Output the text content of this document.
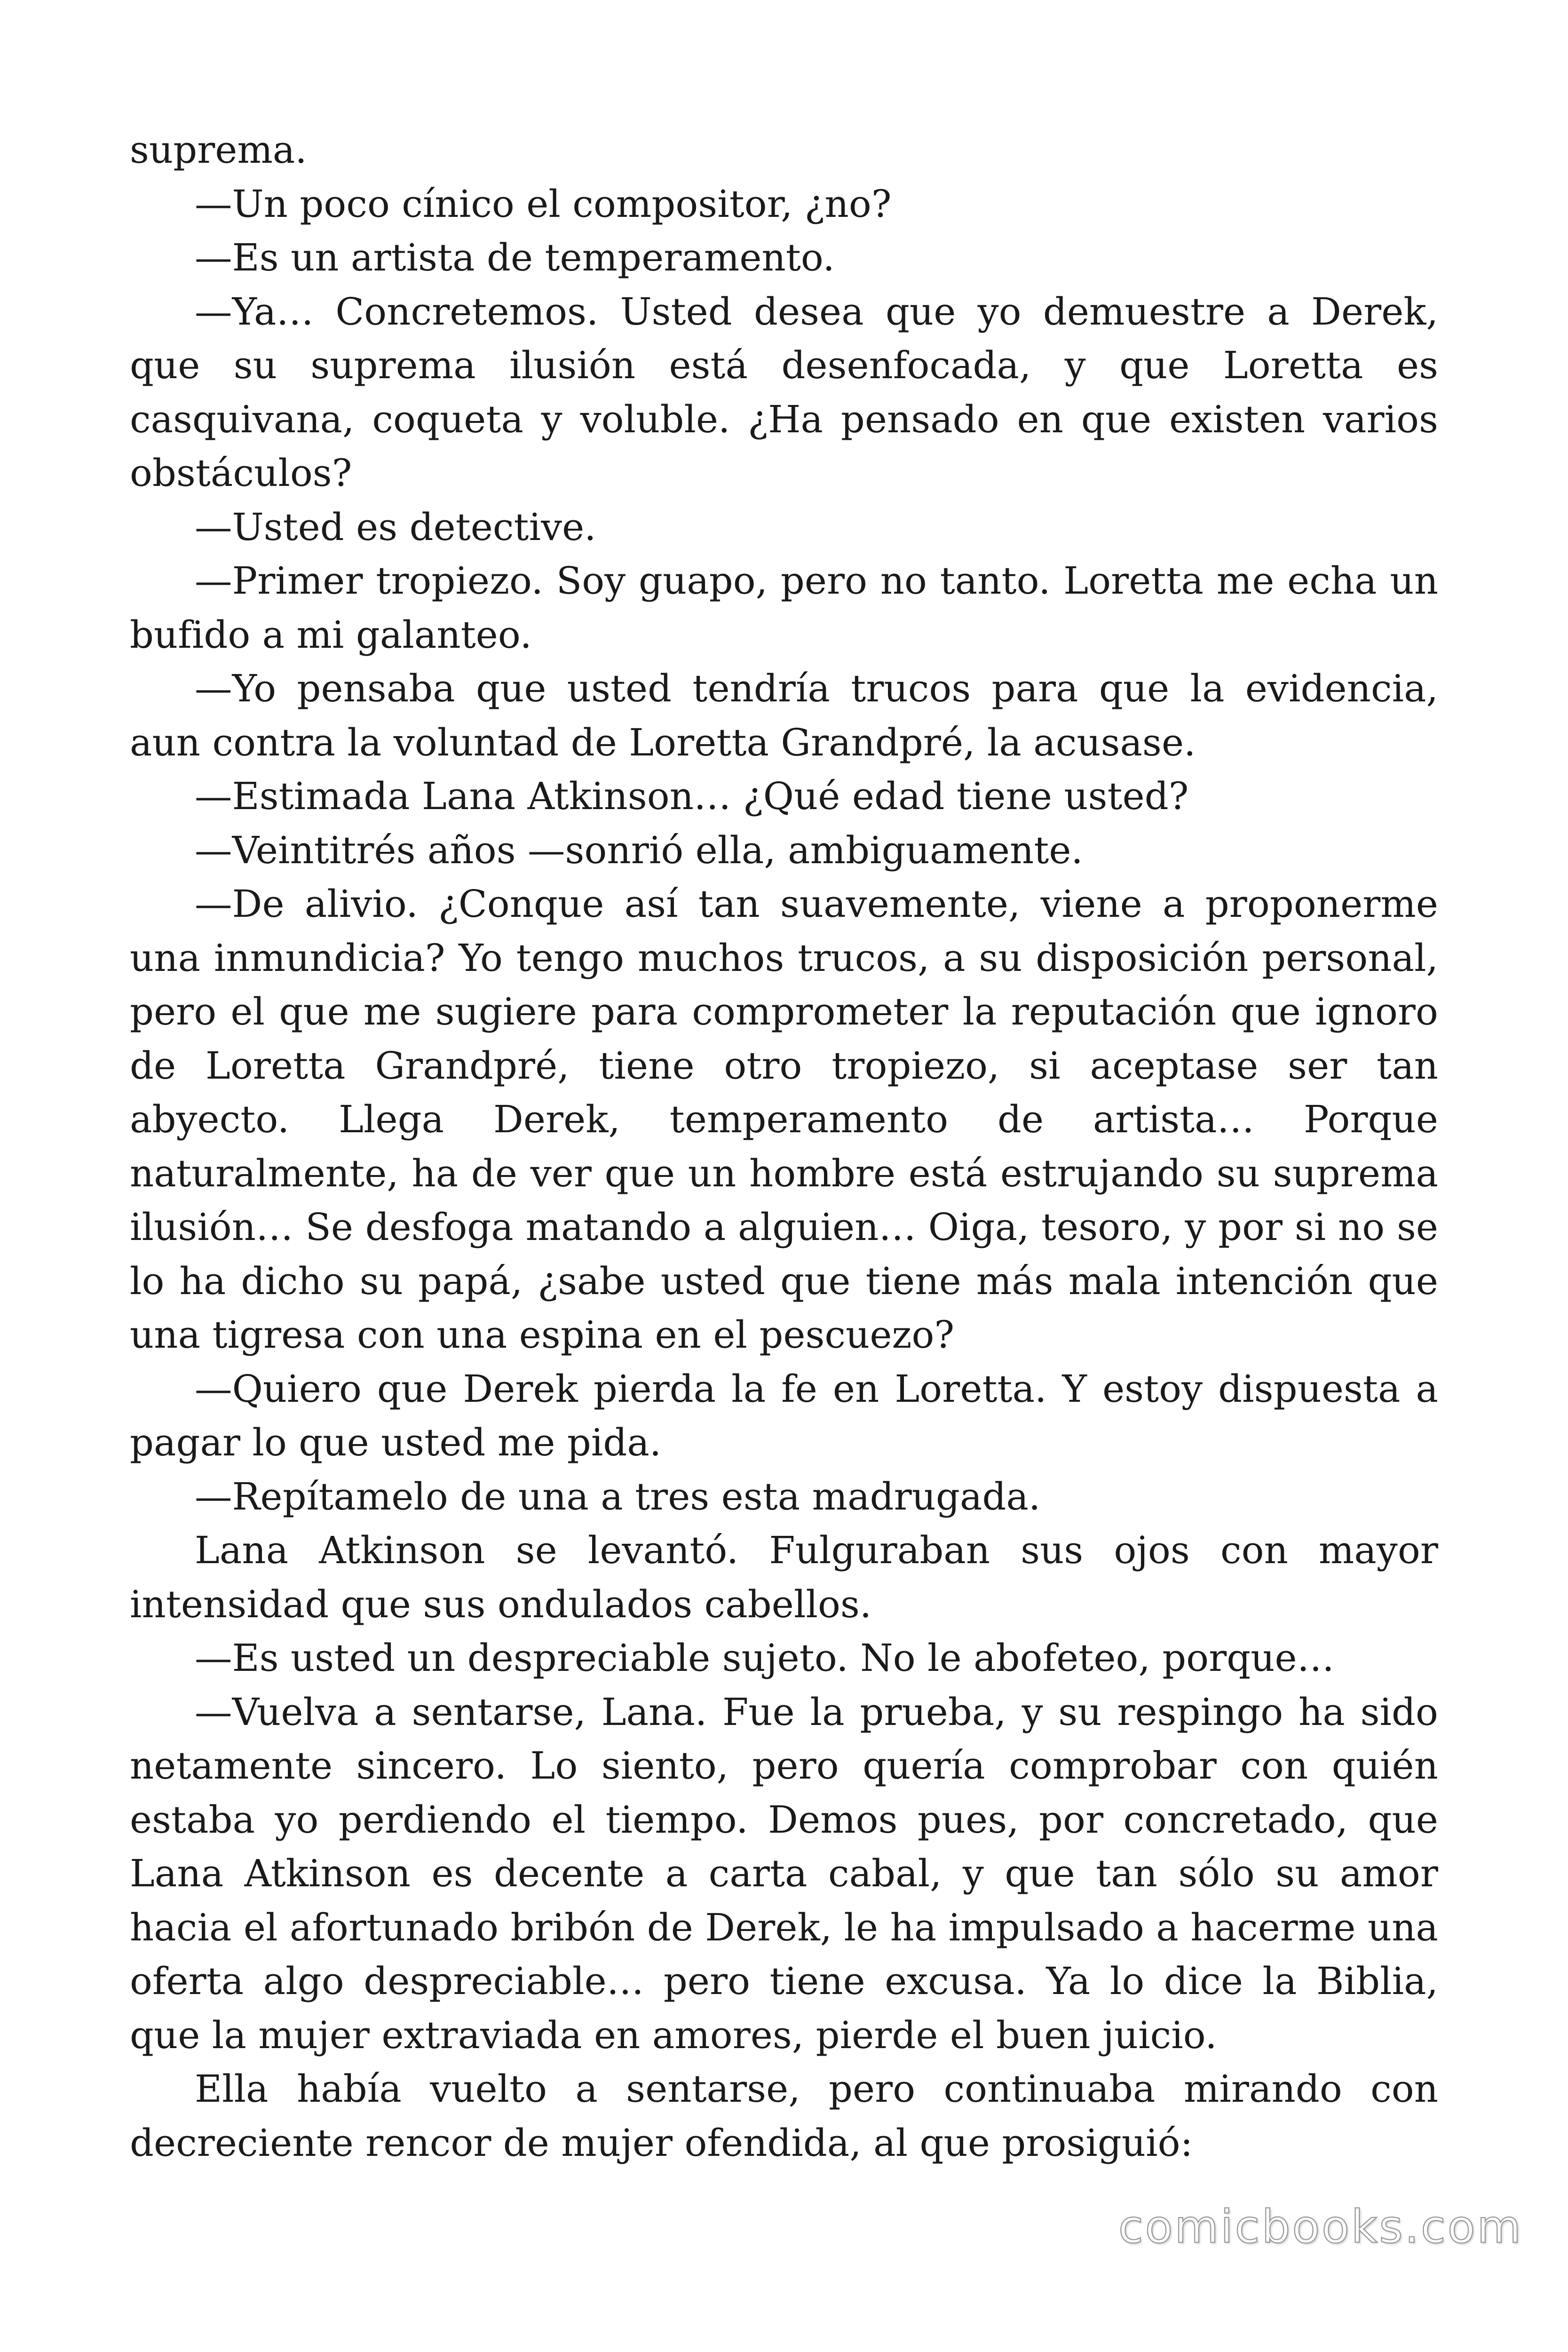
suprema.

—Un poco cínico el compositor, ¿no?

—Es un artista de temperamento.

—Ya… Concretemos. Usted desea que yo demuestre a Derek, que su suprema ilusión está desenfocada, y que Loretta es casquivana, coqueta y voluble. ¿Ha pensado en que existen varios obstáculos?

—Usted es detective.

—Primer tropiezo. Soy guapo, pero no tanto. Loretta me echa un bufido a mi galanteo.

—Yo pensaba que usted tendría trucos para que la evidencia, aun contra la voluntad de Loretta Grandpré, la acusase.

—Estimada Lana Atkinson… ¿Qué edad tiene usted?

—Veintitrés años —sonrió ella, ambiguamente.

—De alivio. ¿Conque así tan suavemente, viene a proponerme una inmundicia? Yo tengo muchos trucos, a su disposición personal, pero el que me sugiere para comprometer la reputación que ignoro de Loretta Grandpré, tiene otro tropiezo, si aceptase ser tan abyecto. Llega Derek, temperamento de artista… Porque naturalmente, ha de ver que un hombre está estrujando su suprema ilusión… Se desfoga matando a alguien… Oiga, tesoro, y por si no se lo ha dicho su papá, ¿sabe usted que tiene más mala intención que una tigresa con una espina en el pescuezo?

—Quiero que Derek pierda la fe en Loretta. Y estoy dispuesta a pagar lo que usted me pida.

—Repítamelo de una a tres esta madrugada.

Lana Atkinson se levantó. Fulguraban sus ojos con mayor intensidad que sus ondulados cabellos.

—Es usted un despreciable sujeto. No le abofeteo, porque…

—Vuelva a sentarse, Lana. Fue la prueba, y su respingo ha sido netamente sincero. Lo siento, pero quería comprobar con quién estaba yo perdiendo el tiempo. Demos pues, por concretado, que Lana Atkinson es decente a carta cabal, y que tan sólo su amor hacia el afortunado bribón de Derek, le ha impulsado a hacerme una oferta algo despreciable… pero tiene excusa. Ya lo dice la Biblia, que la mujer extraviada en amores, pierde el buen juicio.

Ella había vuelto a sentarse, pero continuaba mirando con decreciente rencor de mujer ofendida, al que prosiguió:

comicbooks.com
